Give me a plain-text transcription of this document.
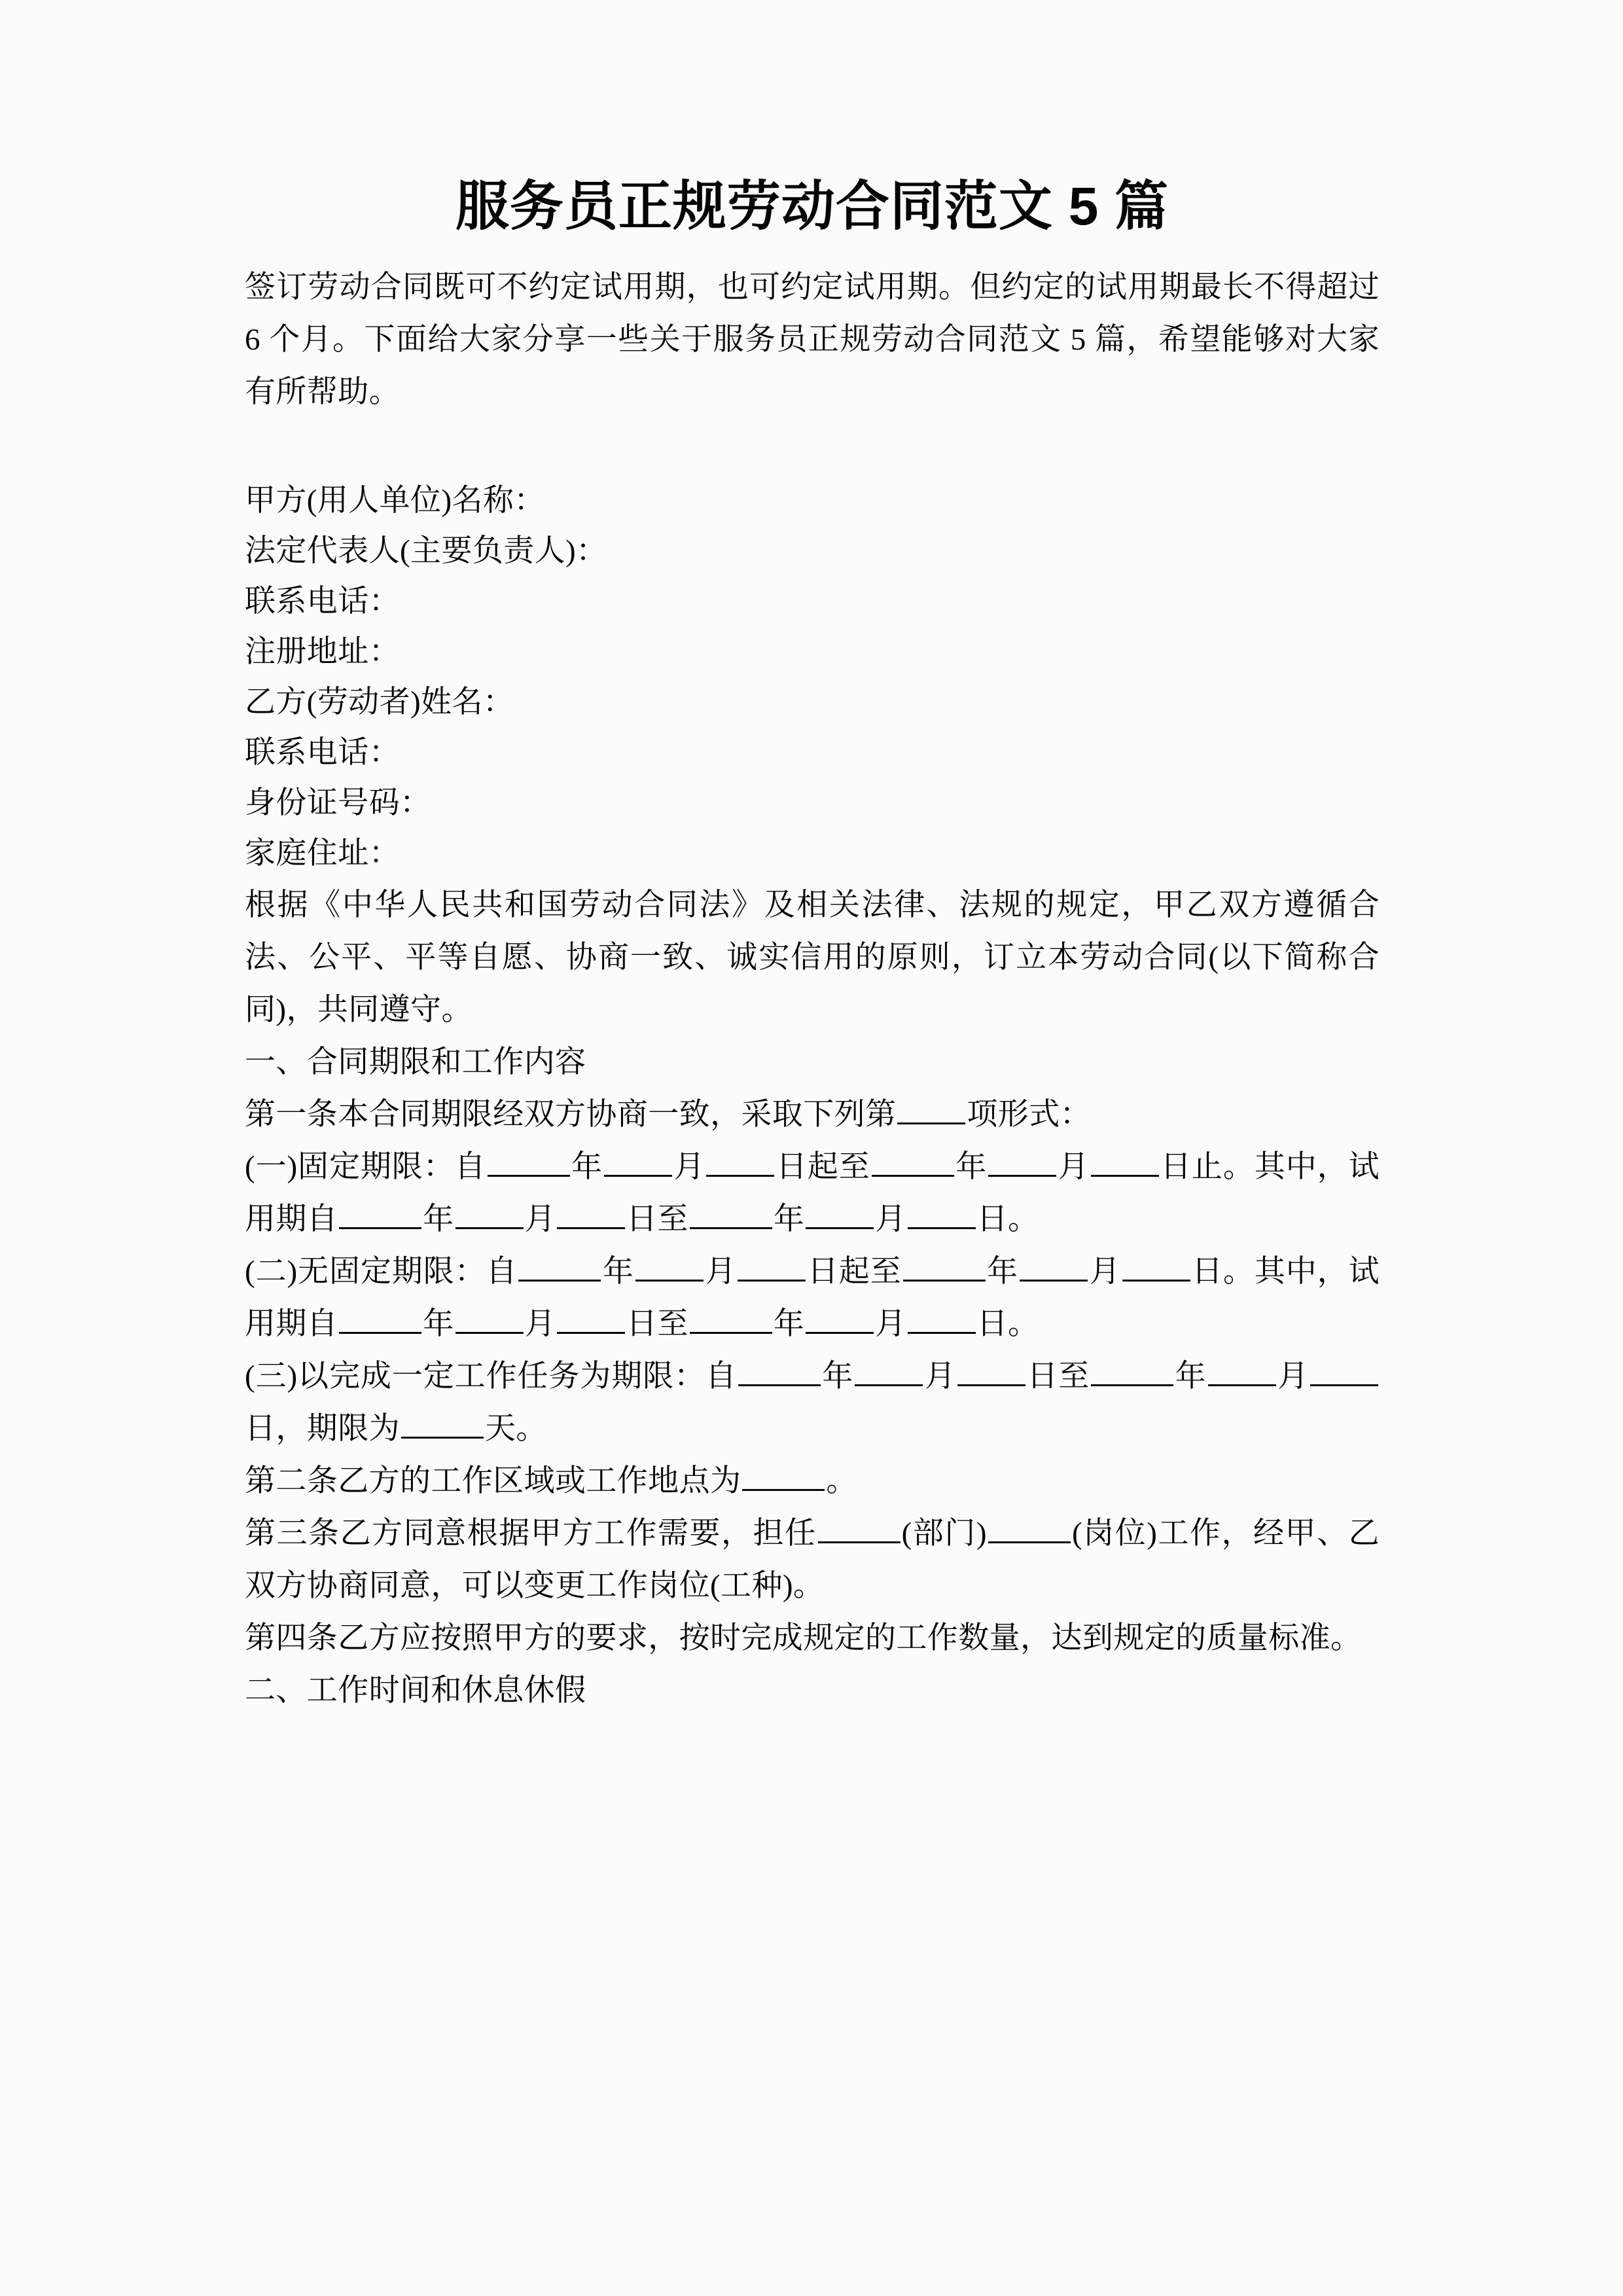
服务员正规劳动合同范文 5 篇

签订劳动合同既可不约定试用期，也可约定试用期。但约定的试用期最长不得超过 6 个月。下面给大家分享一些关于服务员正规劳动合同范文 5 篇，希望能够对大家有所帮助。

甲方(用人单位)名称：

法定代表人(主要负责人)：

联系电话：

注册地址：

乙方(劳动者)姓名：

联系电话：

身份证号码：

家庭住址：

根据《中华人民共和国劳动合同法》及相关法律、法规的规定，甲乙双方遵循合法、公平、平等自愿、协商一致、诚实信用的原则，订立本劳动合同(以下简称合同)，共同遵守。

一、合同期限和工作内容

第一条本合同期限经双方协商一致，采取下列第 项形式：

(一)固定期限：自	年 月 日起至	年 月 日止。其中，试用期自	年 月 日至	年 月 日。

(二)无固定期限：自	年 月 日起至	年 月 日。其中，试用期自	年 月 日至	年 月 日。

(三)以完成一定工作任务为期限：自	年 月 日至	年 月日，期限为	天。

第二条乙方的工作区域或工作地点为	。

第三条乙方同意根据甲方工作需要，担任	(部门)	(岗位)工作，经甲、乙双方协商同意，可以变更工作岗位(工种)。

第四条乙方应按照甲方的要求，按时完成规定的工作数量，达到规定的质量标准。

二、工作时间和休息休假
